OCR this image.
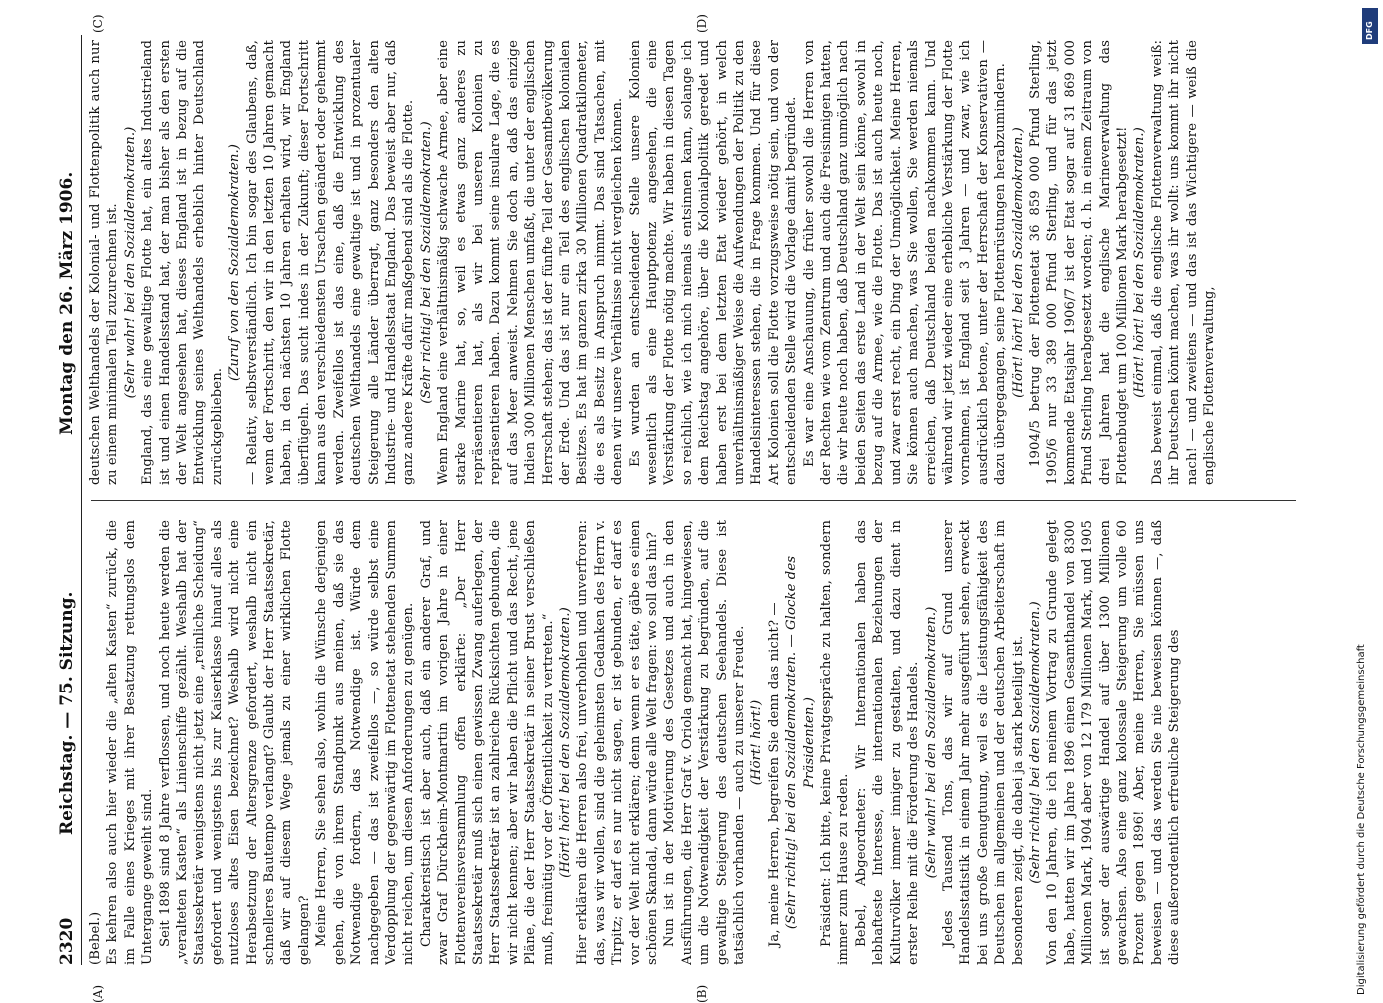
2320
Reichstag. — 75. Sitzung.
Montag den 26. März 1906.

(Bebel.) Es kehren also auch hier wieder die „alten Kasten“ zurück, die im Falle eines Krieges mit ihrer Besatzung rettungslos dem Untergange geweiht sind. Seit 1898 sind 8 Jahre verflossen, und noch heute werden die „veralteten Kasten“ als Linienschiffe gezählt. Weshalb hat der Staatssekretär wenigstens nicht jetzt eine „reinliche Scheidung“ gefordert und wenigstens bis zur Kaiserklasse hinauf alles als nutzloses altes Eisen bezeichnet? Weshalb wird nicht eine Herabsetzung der Altersgrenze gefordert, weshalb nicht ein schnelleres Bautempo verlangt? Glaubt der Herr Staatssekretär, daß wir auf diesem Wege jemals zu einer wirklichen Flotte gelangen? Meine Herren, Sie sehen also, wohin die Wünsche derjenigen gehen, die von ihrem Standpunkt aus meinen, daß sie das Notwendige fordern, das Notwendige ist. Würde dem nachgegeben — das ist zweifellos —, so würde selbst eine Verdopplung der gegenwärtig im Flottenetat stehenden Summen nicht reichen, um diesen Anforderungen zu genügen. Charakteristisch ist aber auch, daß ein anderer Graf, und zwar Graf Dürckheim-Montmartin im vorigen Jahre in einer Flottenvereinsversammlung offen erklärte: „Der Herr Staatssekretär muß sich einen gewissen Zwang auferlegen, der Herr Staatssekretär ist an zahlreiche Rücksichten gebunden, die wir nicht kennen; aber wir haben die Pflicht und das Recht, jene Pläne, die der Herr Staatssekretär in seiner Brust verschließen muß, freimütig vor der Öffentlichkeit zu vertreten.“ (Hört! hört! bei den Sozialdemokraten.) Hier erklären die Herren also frei, unverhohlen und unverfroren: das, was wir wollen, sind die geheimsten Gedanken des Herrn v. Tirpitz; er darf es nur nicht sagen, er ist gebunden, er darf es vor der Welt nicht erklären; denn wenn er es täte, gäbe es einen schönen Skandal, dann würde alle Welt fragen: wo soll das hin? Nun ist in der Motivierung des Gesetzes und auch in den Ausführungen, die Herr Graf v. Oriola gemacht hat, hingewiesen, um die Notwendigkeit der Verstärkung zu begründen, auf die gewaltige Steigerung des deutschen Seehandels. Diese ist tatsächlich vorhanden — auch zu unserer Freude. (Hört! hört!) Ja, meine Herren, begreifen Sie denn das nicht? — (Sehr richtig! bei den Sozialdemokraten. — Glocke des Präsidenten.) Präsident: Ich bitte, keine Privatgespräche zu halten, sondern immer zum Hause zu reden. Bebel, Abgeordneter: Wir Internationalen haben das lebhafteste Interesse, die internationalen Beziehungen der Kulturvölker immer inniger zu gestalten, und dazu dient in erster Reihe mit die Förderung des Handels. (Sehr wahr! bei den Sozialdemokraten.) Jedes Tausend Tons, das wir auf Grund unserer Handelsstatistik in einem Jahr mehr ausgeführt sehen, erweckt bei uns große Genugtuung, weil es die Leistungsfähigkeit des Deutschen im allgemeinen und der deutschen Arbeiterschaft im besonderen zeigt, die dabei ja stark beteiligt ist. (Sehr richtig! bei den Sozialdemokraten.) Von den 10 Jahren, die ich meinem Vortrag zu Grunde gelegt habe, hatten wir im Jahre 1896 einen Gesamthandel von 8300 Millionen Mark, 1904 aber von 12 179 Millionen Mark, und 1905 ist sogar der auswärtige Handel auf über 1300 Millionen gewachsen. Also eine ganz kolossale Steigerung um volle 60 Prozent gegen 1896! Aber, meine Herren, Sie müssen uns beweisen — und das werden Sie nie beweisen können —, daß diese außerordentlich erfreuliche Steigerung des

deutschen Welthandels der Kolonial- und Flottenpolitik auch nur zu einem minimalen Teil zuzurechnen ist. (Sehr wahr! bei den Sozialdemokraten.) England, das eine gewaltige Flotte hat, ein altes Industrieland ist und einen Handelsstand hat, der man bisher als den ersten der Welt angesehen hat, dieses England ist in bezug auf die Entwicklung seines Welthandels erheblich hinter Deutschland zurückgeblieben.

(Zuruf von den Sozialdemokraten.) — Relativ, selbstverständlich. Ich bin sogar des Glaubens, daß, wenn der Fortschritt, den wir in den letzten 10 Jahren gemacht haben, in den nächsten 10 Jahren erhalten wird, wir England überflügeln. Das sucht indes in der Zukunft; dieser Fortschritt kann aus den verschiedensten Ursachen geändert oder gehemmt werden. Zweifellos ist das eine, daß die Entwicklung des deutschen Welthandels eine gewaltige ist und in prozentualer Steigerung alle Länder überragt, ganz besonders den alten Industrie- und Handelsstaat England. Das beweist aber nur, daß ganz andere Kräfte dafür maßgebend sind als die Flotte. (Sehr richtig! bei den Sozialdemokraten.) Wenn England eine verhältnismäßig schwache Armee, aber eine starke Marine hat, so, weil es etwas ganz anderes zu repräsentieren hat, als wir bei unseren Kolonien zu repräsentieren haben. Dazu kommt seine insulare Lage, die es auf das Meer anweist. Nehmen Sie doch an, daß das einzige Indien 300 Millionen Menschen umfaßt, die unter der englischen Herrschaft stehen; das ist der fünfte Teil der Gesamtbevölkerung der Erde. Und das ist nur ein Teil des englischen kolonialen Besitzes. Es hat im ganzen zirka 30 Millionen Quadratkilometer, die es als Besitz in Anspruch nimmt. Das sind Tatsachen, mit denen wir unsere Verhältnisse nicht vergleichen können. Es wurden an entscheidender Stelle unsere Kolonien wesentlich als eine Hauptpotenz angesehen, die eine Verstärkung der Flotte nötig machte. Wir haben in diesen Tagen so reichlich, wie ich mich niemals entsinnen kann, solange ich dem Reichstag angehöre, über die Kolonialpolitik geredet und haben erst bei dem letzten Etat wieder gehört, in welch unverhältnismäßiger Weise die Aufwendungen der Politik zu den Handelsinteressen stehen, die in Frage kommen. Und für diese Art Kolonien soll die Flotte vorzugsweise nötig sein, und von der entscheidenden Stelle wird die Vorlage damit begründet. Es war eine Anschauung, die früher sowohl die Herren von der Rechten wie vom Zentrum und auch die Freisinnigen hatten, die wir heute noch haben, daß Deutschland ganz unmöglich nach beiden Seiten das erste Land in der Welt sein könne, sowohl in bezug auf die Armee, wie die Flotte. Das ist auch heute noch, und zwar erst recht, ein Ding der Unmöglichkeit. Meine Herren, Sie können auch machen, was Sie wollen, Sie werden niemals erreichen, daß Deutschland beiden nachkommen kann. Und während wir jetzt wieder eine erhebliche Verstärkung der Flotte vornehmen, ist England seit 3 Jahren — und zwar, wie ich ausdrücklich betone, unter der Herrschaft der Konservativen — dazu übergegangen, seine Flottenrüstungen herabzumindern. (Hört! hört! bei den Sozialdemokraten.) 1904/5 betrug der Flottenetat 36 859 000 Pfund Sterling, 1905/6 nur 33 389 000 Pfund Sterling, und für das jetzt kommende Etatsjahr 1906/7 ist der Etat sogar auf 31 869 000 Pfund Sterling herabgesetzt worden; d. h. in einem Zeitraum von drei Jahren hat die englische Marineverwaltung das Flottenbudget um 100 Millionen Mark herabgesetzt! (Hört! hört! bei den Sozialdemokraten.) Das beweist einmal, daß die englische Flottenverwaltung weiß: ihr Deutschen könnt machen, was ihr wollt: uns kommt ihr nicht nach! — und zweitens — und das ist das Wichtigere — weiß die englische Flottenverwaltung,

(A)	(B)
(C)	(D)	DFG
Digitalisierung gefördert durch die Deutsche Forschungsgemeinschaft
